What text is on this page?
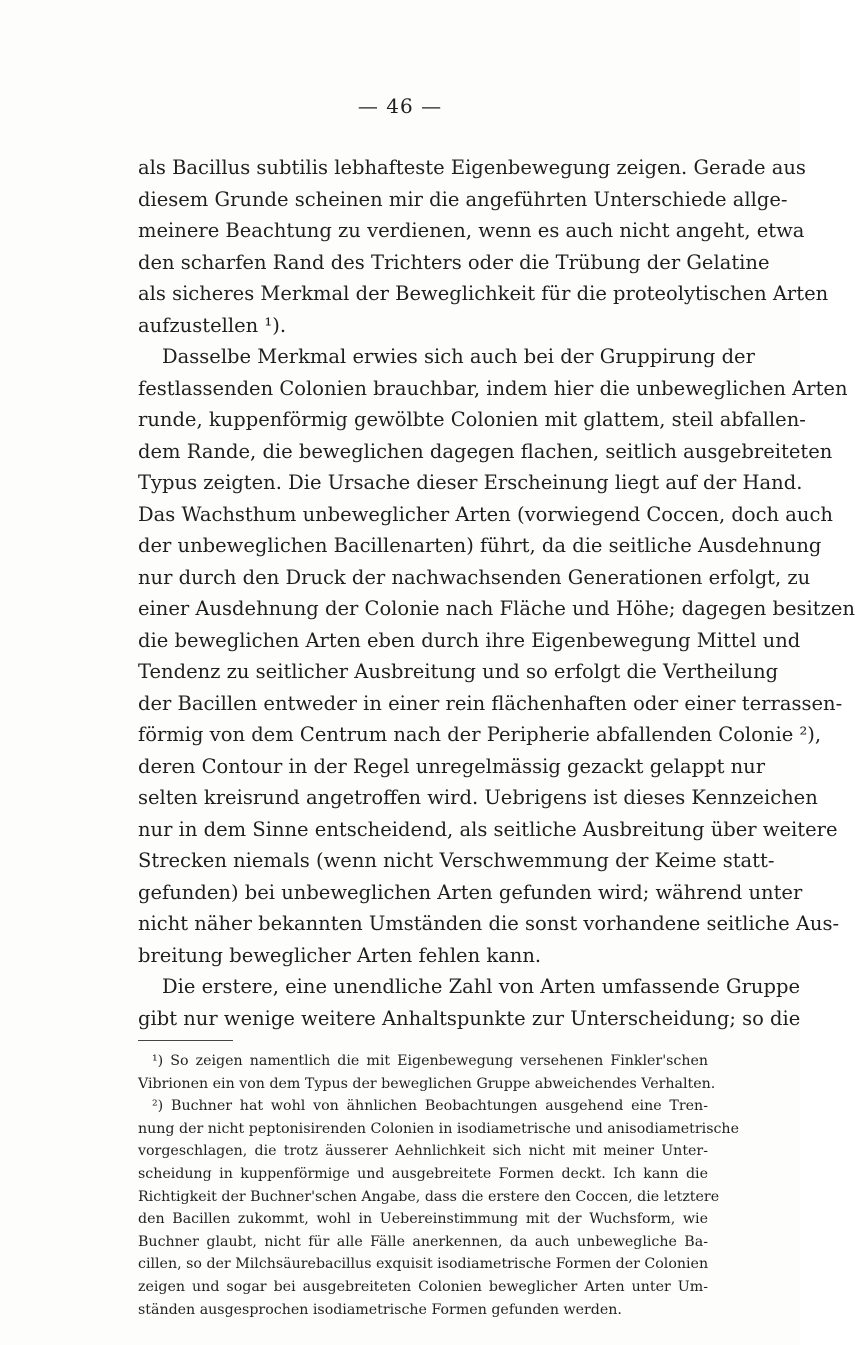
— 46 —
als Bacillus subtilis lebhafteste Eigenbewegung zeigen. Gerade aus
diesem Grunde scheinen mir die angeführten Unterschiede allge-
meinere Beachtung zu verdienen, wenn es auch nicht angeht, etwa
den scharfen Rand des Trichters oder die Trübung der Gelatine
als sicheres Merkmal der Beweglichkeit für die proteolytischen Arten
aufzustellen ¹).
Dasselbe Merkmal erwies sich auch bei der Gruppirung der
festlassenden Colonien brauchbar, indem hier die unbeweglichen Arten
runde, kuppenförmig gewölbte Colonien mit glattem, steil abfallen-
dem Rande, die beweglichen dagegen flachen, seitlich ausgebreiteten
Typus zeigten. Die Ursache dieser Erscheinung liegt auf der Hand.
Das Wachsthum unbeweglicher Arten (vorwiegend Coccen, doch auch
der unbeweglichen Bacillenarten) führt, da die seitliche Ausdehnung
nur durch den Druck der nachwachsenden Generationen erfolgt, zu
einer Ausdehnung der Colonie nach Fläche und Höhe; dagegen besitzen
die beweglichen Arten eben durch ihre Eigenbewegung Mittel und
Tendenz zu seitlicher Ausbreitung und so erfolgt die Vertheilung
der Bacillen entweder in einer rein flächenhaften oder einer terrassen-
förmig von dem Centrum nach der Peripherie abfallenden Colonie ²),
deren Contour in der Regel unregelmässig gezackt gelappt nur
selten kreisrund angetroffen wird. Uebrigens ist dieses Kennzeichen
nur in dem Sinne entscheidend, als seitliche Ausbreitung über weitere
Strecken niemals (wenn nicht Verschwemmung der Keime statt-
gefunden) bei unbeweglichen Arten gefunden wird; während unter
nicht näher bekannten Umständen die sonst vorhandene seitliche Aus-
breitung beweglicher Arten fehlen kann.
Die erstere, eine unendliche Zahl von Arten umfassende Gruppe
gibt nur wenige weitere Anhaltspunkte zur Unterscheidung; so die
¹) So zeigen namentlich die mit Eigenbewegung versehenen Finkler'schen
Vibrionen ein von dem Typus der beweglichen Gruppe abweichendes Verhalten.
²) Buchner hat wohl von ähnlichen Beobachtungen ausgehend eine Tren-
nung der nicht peptonisirenden Colonien in isodiametrische und anisodiametrische
vorgeschlagen, die trotz äusserer Aehnlichkeit sich nicht mit meiner Unter-
scheidung in kuppenförmige und ausgebreitete Formen deckt. Ich kann die
Richtigkeit der Buchner'schen Angabe, dass die erstere den Coccen, die letztere
den Bacillen zukommt, wohl in Uebereinstimmung mit der Wuchsform, wie
Buchner glaubt, nicht für alle Fälle anerkennen, da auch unbewegliche Ba-
cillen, so der Milchsäurebacillus exquisit isodiametrische Formen der Colonien
zeigen und sogar bei ausgebreiteten Colonien beweglicher Arten unter Um-
ständen ausgesprochen isodiametrische Formen gefunden werden.
